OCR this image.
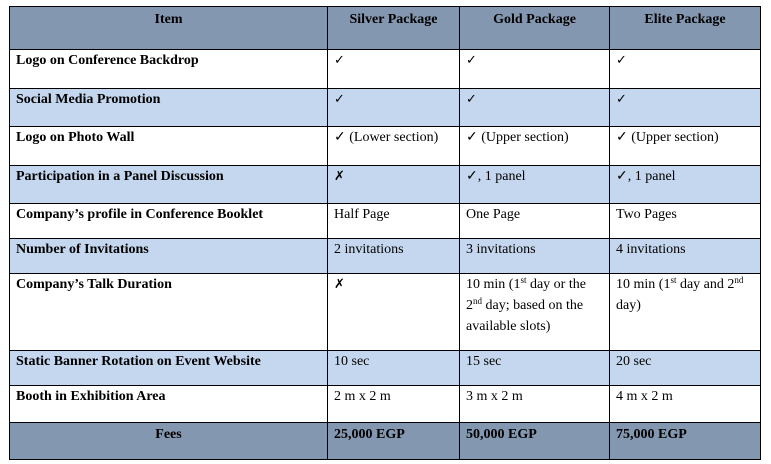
Item	Silver Package	Gold Package	Elite Package
Logo on Conference Backdrop	✓	✓	✓
Social Media Promotion	✓	✓	✓
Logo on Photo Wall	✓ (Lower section)	✓ (Upper section)	✓ (Upper section)
Participation in a Panel Discussion	✗	✓, 1 panel	✓, 1 panel
Company’s profile in Conference Booklet	Half Page	One Page	Two Pages
Number of Invitations	2 invitations	3 invitations	4 invitations
Company’s Talk Duration	✗	10 min (1st day or the 2nd day; based on the available slots)	10 min (1st day and 2nd day)
Static Banner Rotation on Event Website	10 sec	15 sec	20 sec
Booth in Exhibition Area	2 m x 2 m	3 m x 2 m	4 m x 2 m
Fees	25,000 EGP	50,000 EGP	75,000 EGP
